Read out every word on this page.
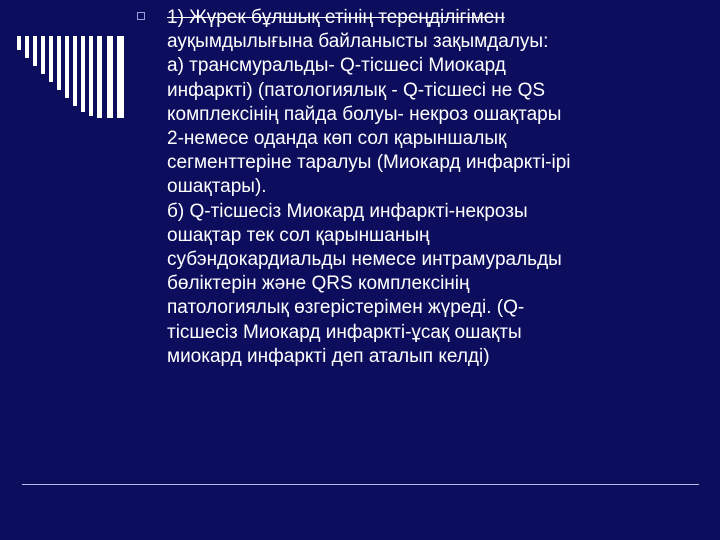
1) Жүрек бұлшық етінің тереңділігімен
ауқымдылығына байланысты зақымдалуы:
а) трансмуральды- Q-тісшесі Миокард
инфаркті) (патологиялық - Q-тісшесі не QS
комплексінің пайда болуы- некроз ошақтары
2-немесе оданда көп сол қарыншалық
сегменттеріне таралуы (Миокард инфаркті-ірі
ошақтары).
б) Q-тісшесіз Миокард инфаркті-некрозы
ошақтар тек сол қарыншаның
субэндокардиальды немесе интрамуральды
бөліктерін және QRS комплексінің
патологиялық өзгерістерімен жүреді. (Q-
тісшесіз Миокард инфаркті-ұсақ ошақты
миокард инфаркті деп аталып келді)
